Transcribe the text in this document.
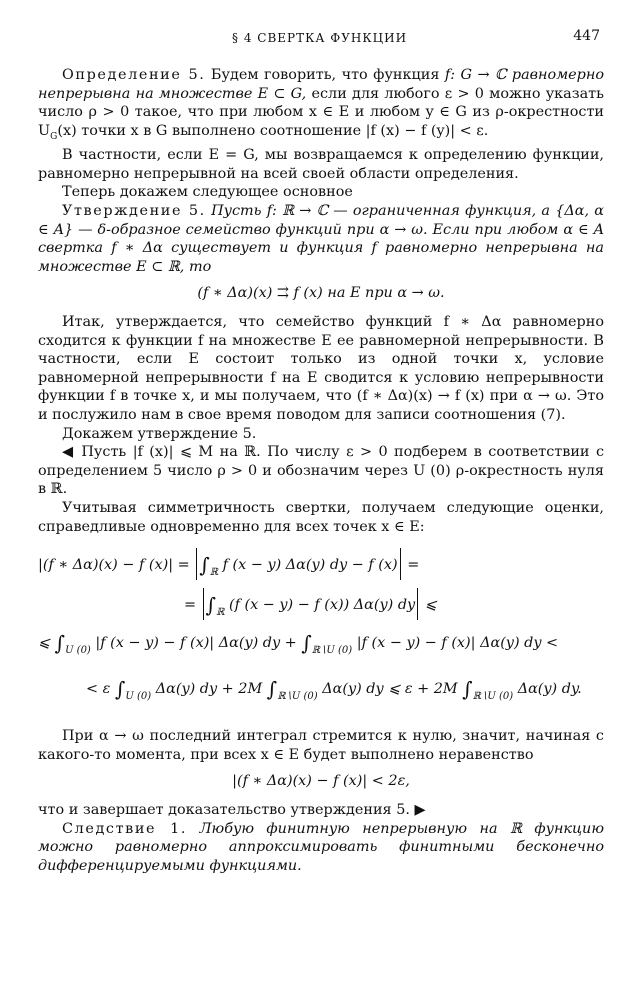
§ 4 СВЕРТКА ФУНКЦИИ	447

Определение 5. Будем говорить, что функция f: G → ℂ равномерно непрерывна на множестве E ⊂ G, если для любого ε > 0 можно указать число ρ > 0 такое, что при любом x ∈ E и любом y ∈ G из ρ-окрестности $U_G(x)$ точки x в G выполнено соотношение |f (x) − f (y)| < ε.

В частности, если E = G, мы возвращаемся к определению функции, равномерно непрерывной на всей своей области определения.

Теперь докажем следующее основное

Утверждение 5. Пусть f: ℝ → ℂ — ограниченная функция, а {Δα, α ∈ A} — δ-образное семейство функций при α → ω. Если при любом α ∈ A свертка f ∗ Δα существует и функция f равномерно непрерывна на множестве E ⊂ ℝ, то

(f ∗ Δα)(x) ⇉ f (x) на E при α → ω.

Итак, утверждается, что семейство функций f ∗ Δα равномерно сходится к функции f на множестве E ее равномерной непрерывности. В частности, если E состоит только из одной точки x, условие равномерной непрерывности f на E сводится к условию непрерывности функции f в точке x, и мы получаем, что (f ∗ Δα)(x) → f (x) при α → ω. Это и послужило нам в свое время поводом для записи соотношения (7).

Докажем утверждение 5.

◀ Пусть |f (x)| ⩽ M на ℝ. По числу ε > 0 подберем в соответствии с определением 5 число ρ > 0 и обозначим через U (0) ρ-окрестность нуля в ℝ.

Учитывая симметричность свертки, получаем следующие оценки, справедливые одновременно для всех точек x ∈ E:

|(f ∗ Δα)(x) − f $(x)| = \int_ℝ$ f (x − y) Δα(y) dy − f (x) =
= $\int_ℝ$ (f (x − y) − f (x)) Δα(y) dy ⩽
⩽ $\int_{U (0)}$ |f (x − y) − f (x)| Δα(y) dy + $\int_{ℝ∖U (0)}$ |f (x − y) − f (x)| Δα(y) dy <
< ε $\int_{U (0)}$ Δα(y) dy + 2M $\int_{ℝ∖U (0)}$ Δα(y) dy ⩽ ε + 2M $\int_{ℝ∖U (0)}$ Δα(y) dy.

При α → ω последний интеграл стремится к нулю, значит, начиная с какого-то момента, при всех x ∈ E будет выполнено неравенство

|(f ∗ Δα)(x) − f (x)| < 2ε,

что и завершает доказательство утверждения 5. ▶

Следствие 1. Любую финитную непрерывную на ℝ функцию можно равномерно аппроксимировать финитными бесконечно дифференцируемыми функциями.
